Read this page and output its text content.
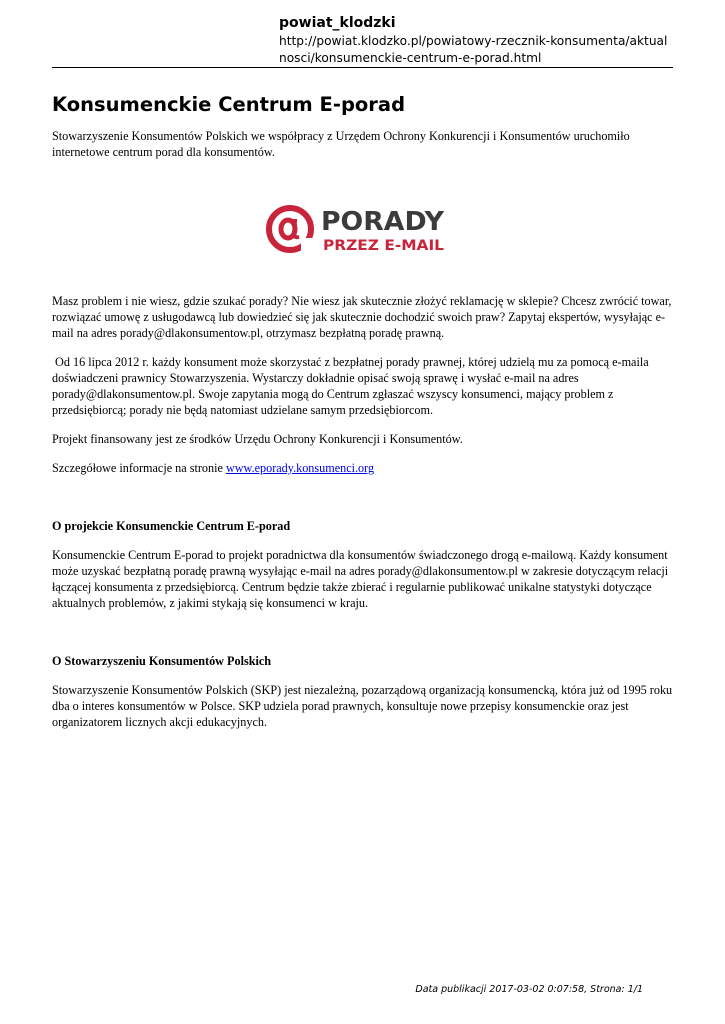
powiat_klodzki
http://powiat.klodzko.pl/powiatowy-rzecznik-konsumenta/aktual
nosci/konsumenckie-centrum-e-porad.html
Konsumenckie Centrum E-porad

Stowarzyszenie Konsumentów Polskich we współpracy z Urzędem Ochrony Konkurencji i Konsumentów uruchomiło internetowe centrum porad dla konsumentów.

PORADY
PRZEZ E-MAIL

Masz problem i nie wiesz, gdzie szukać porady? Nie wiesz jak skutecznie złożyć reklamację w sklepie? Chcesz zwrócić towar, rozwiązać umowę z usługodawcą lub dowiedzieć się jak skutecznie dochodzić swoich praw? Zapytaj ekspertów, wysyłając e-mail na adres porady@dlakonsumentow.pl, otrzymasz bezpłatną poradę prawną.

Od 16 lipca 2012 r. każdy konsument może skorzystać z bezpłatnej porady prawnej, której udzielą mu za pomocą e-maila doświadczeni prawnicy Stowarzyszenia. Wystarczy dokładnie opisać swoją sprawę i wysłać e-mail na adres porady@dlakonsumentow.pl. Swoje zapytania mogą do Centrum zgłaszać wszyscy konsumenci, mający problem z przedsiębiorcą; porady nie będą natomiast udzielane samym przedsiębiorcom.

Projekt finansowany jest ze środków Urzędu Ochrony Konkurencji i Konsumentów.

Szczegółowe informacje na stronie www.eporady.konsumenci.org

O projekcie Konsumenckie Centrum E-porad

Konsumenckie Centrum E-porad to projekt poradnictwa dla konsumentów świadczonego drogą e-mailową. Każdy konsument może uzyskać bezpłatną poradę prawną wysyłając e-mail na adres porady@dlakonsumentow.pl w zakresie dotyczącym relacji łączącej konsumenta z przedsiębiorcą. Centrum będzie także zbierać i regularnie publikować unikalne statystyki dotyczące aktualnych problemów, z jakimi stykają się konsumenci w kraju.

O Stowarzyszeniu Konsumentów Polskich

Stowarzyszenie Konsumentów Polskich (SKP) jest niezależną, pozarządową organizacją konsumencką, która już od 1995 roku dba o interes konsumentów w Polsce. SKP udziela porad prawnych, konsultuje nowe przepisy konsumenckie oraz jest organizatorem licznych akcji edukacyjnych.

Data publikacji 2017-03-02 0:07:58, Strona: 1/1
